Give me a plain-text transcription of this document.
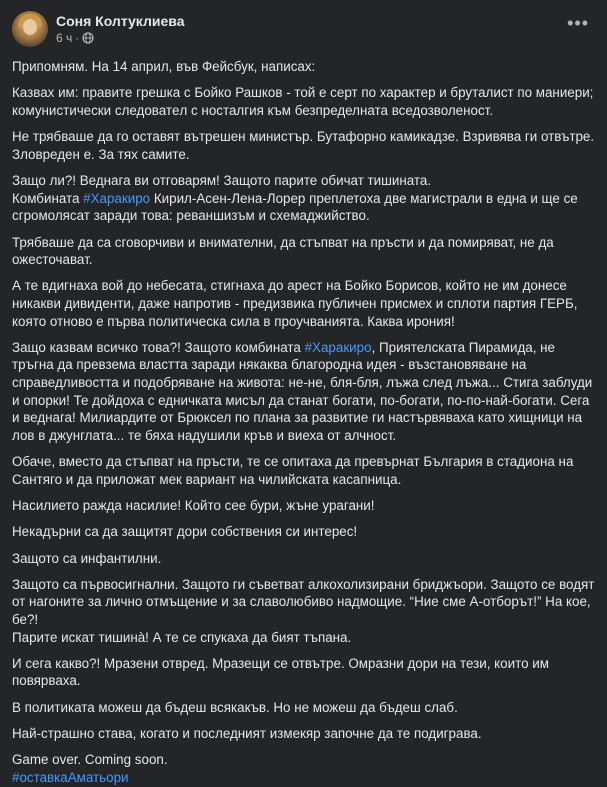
Соня Колтуклиева
6 ч ·
•••

Припомням. На 14 април, във Фейсбук, написах:

Казвах им: правите грешка с Бойко Рашков - той е серт по характер и бруталист по маниери; комунистически следоватeл с носталгия към безпределната вседозволеност.

Не трябваше да го оставят вътрешен министър. Бутафорно камикадзе. Взривява ги отвътре. Зловреден е. За тях самите.

Защо ли?! Веднага ви отговарям! Защото парите обичат тишината.
Комбината #Харакиро Кирил-Асен-Лена-Лорер преплетоха две магистрали в една и ще се сгромолясат заради това: реваншизъм и схемаджийство.

Трябваше да са сговорчиви и внимателни, да стъпват на пръсти и да помиряват, не да ожесточават.

А те вдигнаха вой до небесата, стигнаха до арест на Бойко Борисов, който не им донесе никакви дивиденти, даже напротив - предизвика публичен присмех и сплоти партия ГЕРБ, която отново е първа политическа сила в проучванията. Каква ирония!

Защо казвам всичко това?! Защото комбината #Харакиро, Приятелската Пирамида, не тръгна да превзема властта заради някаква благородна идея - възстановяване на справедливостта и подобряване на живота: не-не, бля-бля, лъжа след лъжа... Стига заблуди и опорки! Те дойдоха с едничката мисъл да станат богати, по-богати, по-по-най-богати. Сега и веднага! Милиардите от Брюксел по плана за развитие ги настървяваха като хищници на лов в джунглата... те бяха надушили кръв и виеха от алчност.

Обаче, вместо да стъпват на пръсти, те се опитаха да превърнат България в стадиона на Сантяго и да приложат мек вариант на чилийската касапница.

Насилието ражда насилие! Който сее бури, жъне урагани!

Некадърни са да защитят дори собствения си интерес!

Защото са инфантилни.

Защото са първосигнални. Защото ги съветват алкохолизирани бриджъори. Защото се водят от нагоните за лично отмъщение и за славолюбиво надмощие. “Ние сме А-отборът!” На кое, бе?!
Парите искат тишинà! А те се спукаха да бият тъпана.

И сега какво?! Мразени отвред. Мразещи се отвътре. Омразни дори на тези, които им повярваха.

В политиката можеш да бъдеш всякакъв. Но не можеш да бъдеш слаб.

Най-страшно става, когато и последният измекяр започне да те подиграва.

Game over. Coming soon.
#оставкаАматьори
